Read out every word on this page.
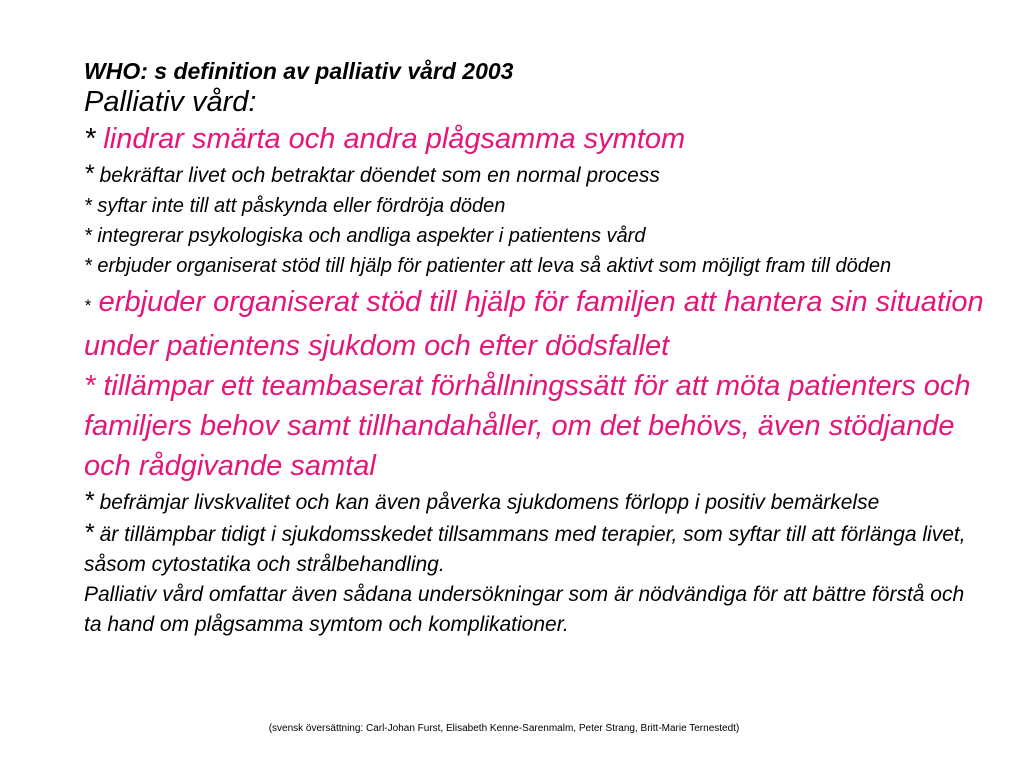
WHO: s definition av palliativ vård 2003

Palliativ vård:

* lindrar smärta och andra plågsamma symtom

* bekräftar livet och betraktar döendet som en normal process

* syftar inte till att påskynda eller fördröja döden

* integrerar psykologiska och andliga aspekter i patientens vård

* erbjuder organiserat stöd till hjälp för patienter att leva så aktivt som möjligt fram till döden

* erbjuder organiserat stöd till hjälp för familjen att hantera sin situation under patientens sjukdom och efter dödsfallet

* tillämpar ett teambaserat förhållningssätt för att möta patienters och familjers behov samt tillhandahåller, om det behövs, även stödjande och rådgivande samtal

* befrämjar livskvalitet och kan även påverka sjukdomens förlopp i positiv bemärkelse

* är tillämpbar tidigt i sjukdomsskedet tillsammans med terapier, som syftar till att förlänga livet, såsom cytostatika och strålbehandling.

Palliativ vård omfattar även sådana undersökningar som är nödvändiga för att bättre förstå och ta hand om plågsamma symtom och komplikationer.

(svensk översättning: Carl-Johan Furst, Elisabeth Kenne-Sarenmalm, Peter Strang, Britt-Marie Ternestedt)
